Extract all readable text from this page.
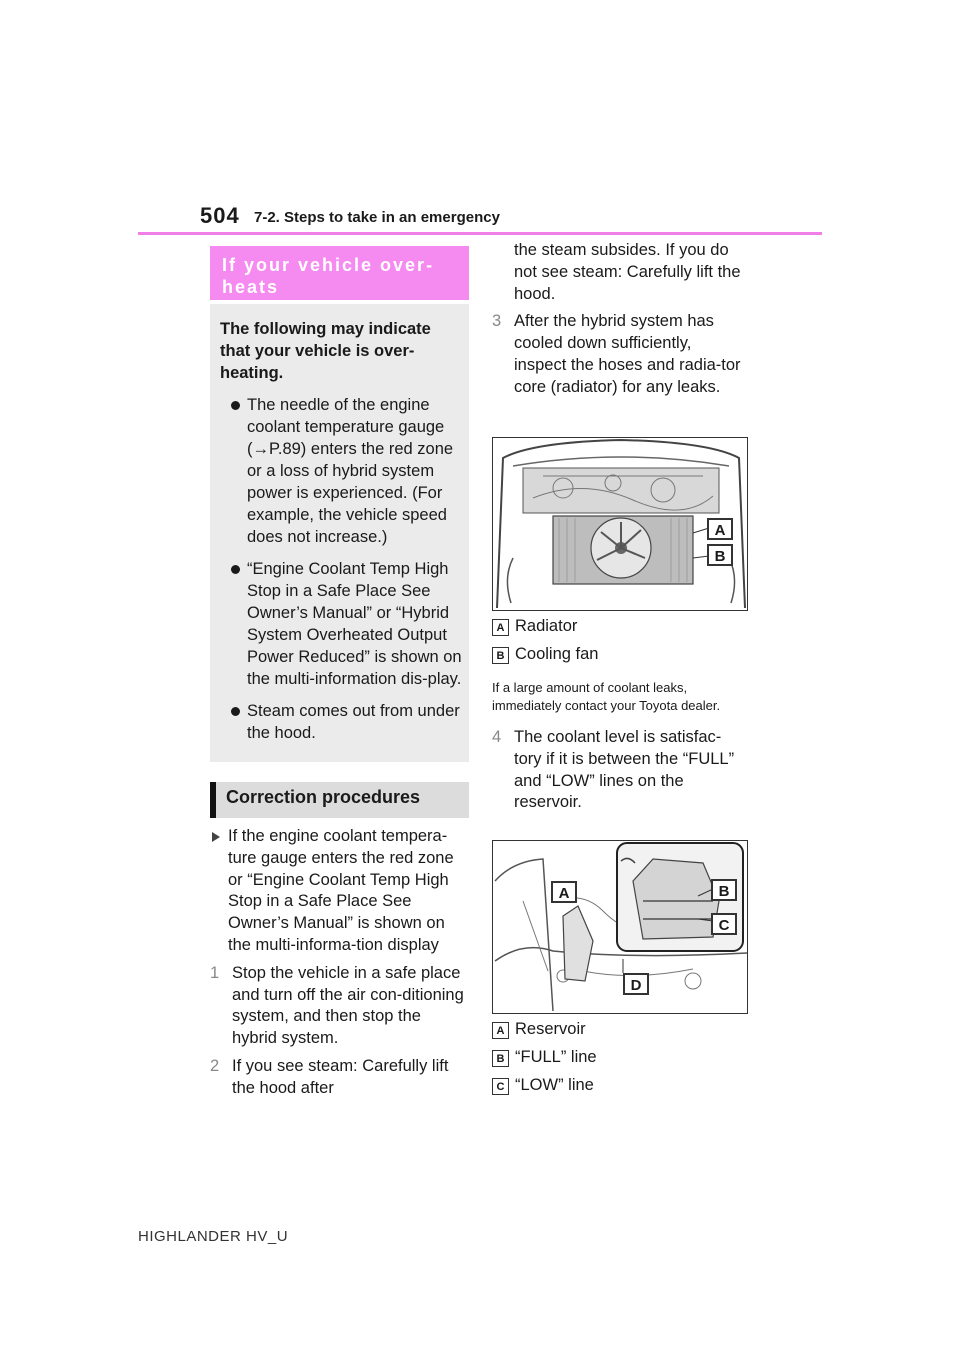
504 7-2. Steps to take in an emergency
If your vehicle over-heats
The following may indicate that your vehicle is over-heating.
The needle of the engine coolant temperature gauge (→P.89) enters the red zone or a loss of hybrid system power is experienced. (For example, the vehicle speed does not increase.)
“Engine Coolant Temp High Stop in a Safe Place See Owner’s Manual” or “Hybrid System Overheated Output Power Reduced” is shown on the multi-information dis-play.
Steam comes out from under the hood.
Correction procedures
If the engine coolant tempera-ture gauge enters the red zone or “Engine Coolant Temp High Stop in a Safe Place See Owner’s Manual” is shown on the multi-informa-tion display
1 Stop the vehicle in a safe place and turn off the air con-ditioning system, and then stop the hybrid system.
2 If you see steam: Carefully lift the hood after
the steam subsides. If you do not see steam: Carefully lift the hood.
3 After the hybrid system has cooled down sufficiently, inspect the hoses and radia-tor core (radiator) for any leaks.
A
B
A Radiator
B Cooling fan
If a large amount of coolant leaks, immediately contact your Toyota dealer.
4 The coolant level is satisfac-tory if it is between the “FULL” and “LOW” lines on the reservoir.
A	B
C
D
A Reservoir
B “FULL” line
C “LOW” line
HIGHLANDER HV_U
